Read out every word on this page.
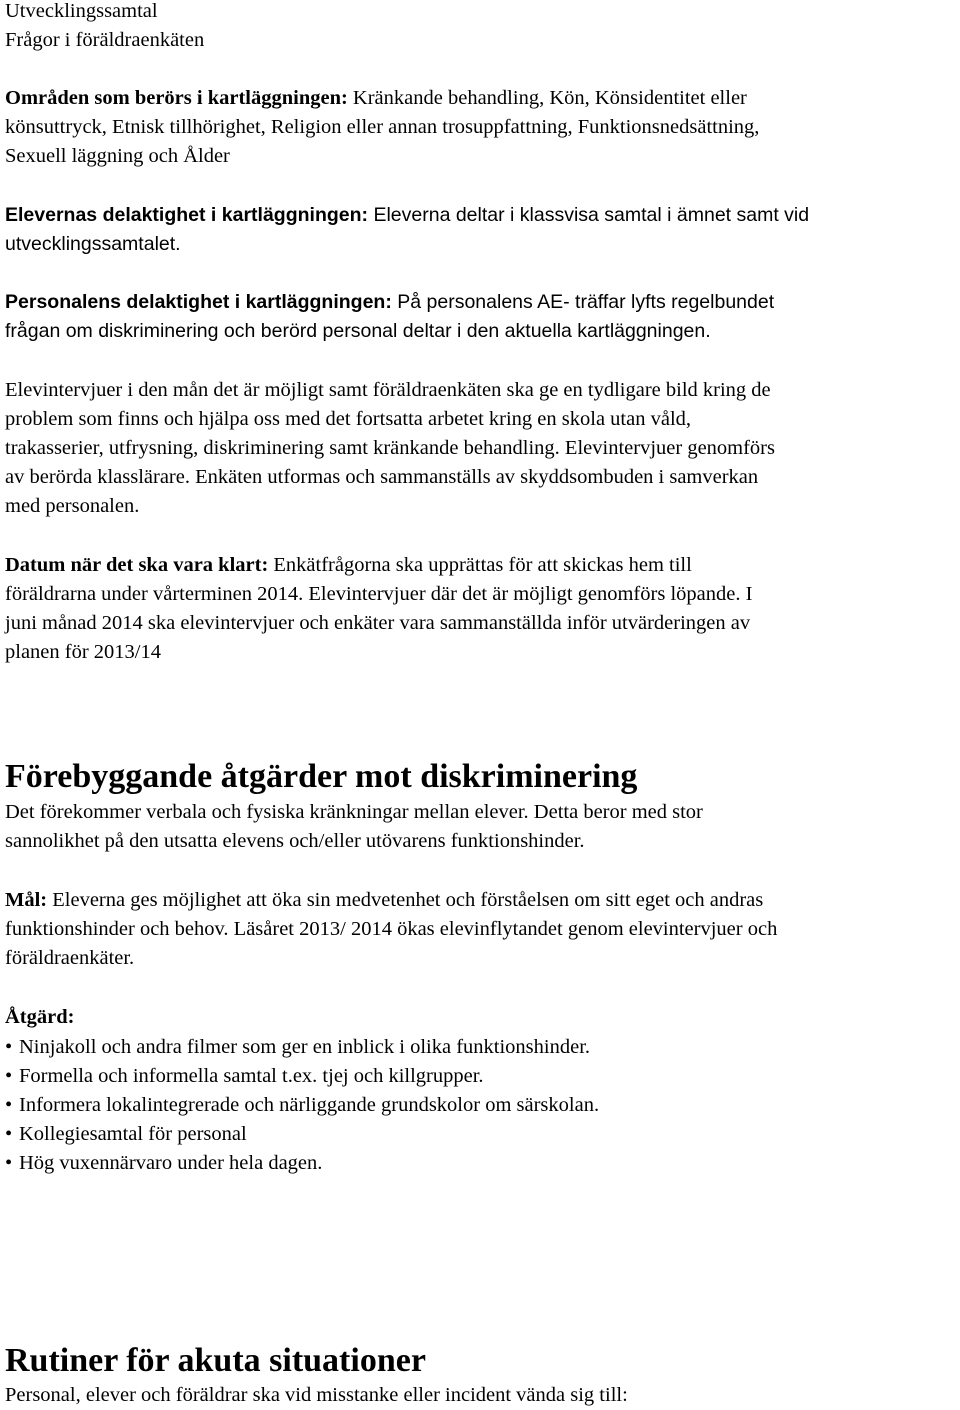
Utvecklingssamtal

Frågor i föräldraenkäten

Områden som berörs i kartläggningen: Kränkande behandling, Kön, Könsidentitet eller

könsuttryck, Etnisk tillhörighet, Religion eller annan trosuppfattning, Funktionsnedsättning,

Sexuell läggning och Ålder

Elevernas delaktighet i kartläggningen: Eleverna deltar i klassvisa samtal i ämnet samt vid

utvecklingssamtalet.

Personalens delaktighet i kartläggningen: På personalens AE- träffar lyfts regelbundet

frågan om diskriminering och berörd personal deltar i den aktuella kartläggningen.

Elevintervjuer i den mån det är möjligt samt föräldraenkäten ska ge en tydligare bild kring de

problem som finns och hjälpa oss med det fortsatta arbetet kring en skola utan våld,

trakasserier, utfrysning, diskriminering samt kränkande behandling. Elevintervjuer genomförs

av berörda klasslärare. Enkäten utformas och sammanställs av skyddsombuden i samverkan

med personalen.

Datum när det ska vara klart: Enkätfrågorna ska upprättas för att skickas hem till

föräldrarna under vårterminen 2014. Elevintervjuer där det är möjligt genomförs löpande. I

juni månad 2014 ska elevintervjuer och enkäter vara sammanställda inför utvärderingen av

planen för 2013/14

Förebyggande åtgärder mot diskriminering

Det förekommer verbala och fysiska kränkningar mellan elever. Detta beror med stor

sannolikhet på den utsatta elevens och/eller utövarens funktionshinder.

Mål: Eleverna ges möjlighet att öka sin medvetenhet och förståelsen om sitt eget och andras

funktionshinder och behov. Läsåret 2013/ 2014 ökas elevinflytandet genom elevintervjuer och

föräldraenkäter.

Åtgärd:

• Ninjakoll och andra filmer som ger en inblick i olika funktionshinder.

• Formella och informella samtal t.ex. tjej och killgrupper.

• Informera lokalintegrerade och närliggande grundskolor om särskolan.

• Kollegiesamtal för personal

• Hög vuxennärvaro under hela dagen.

Rutiner för akuta situationer

Personal, elever och föräldrar ska vid misstanke eller incident vända sig till:
